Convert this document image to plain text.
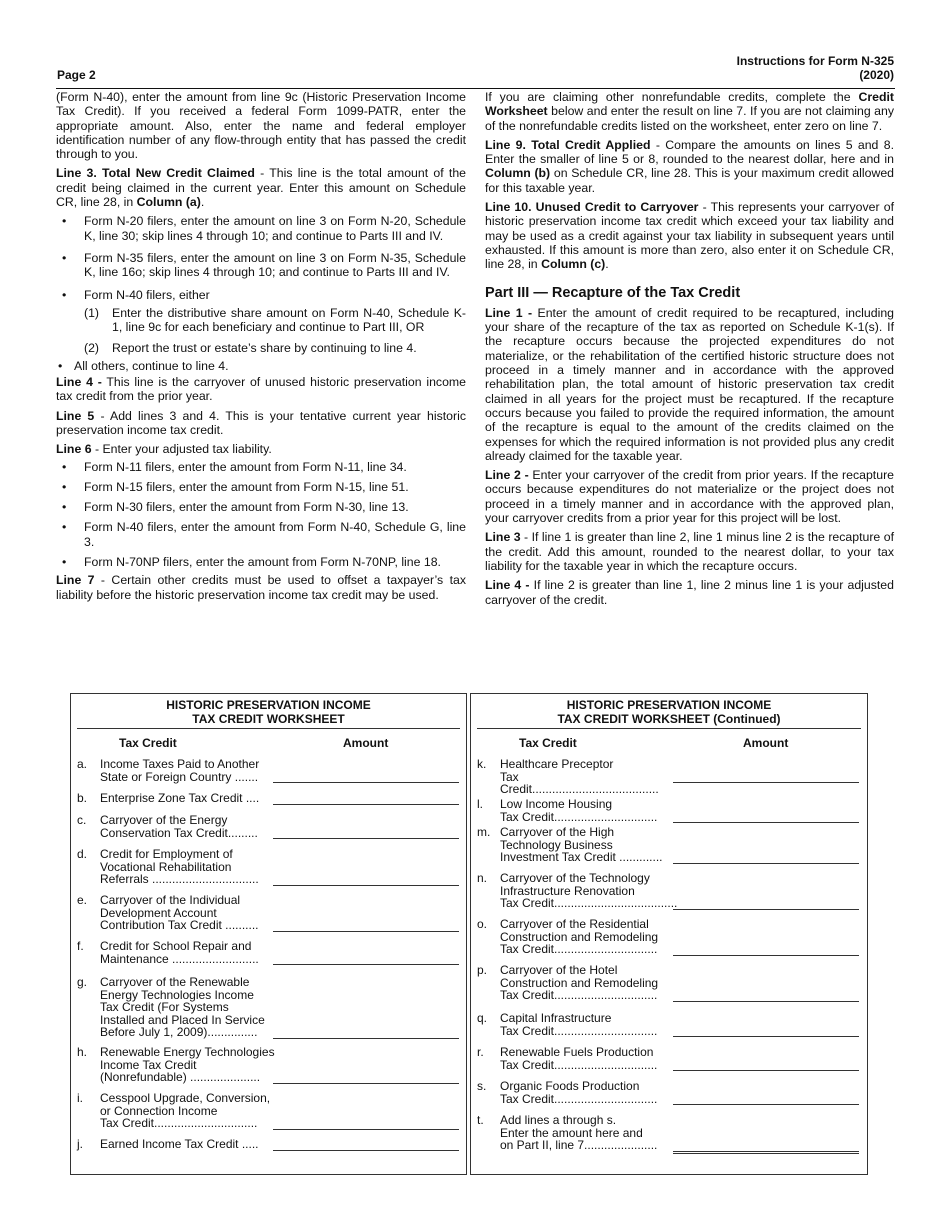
Page 2
Instructions for Form N-325
(2020)

(Form N-40), enter the amount from line 9c (Historic Preservation Income Tax Credit). If you received a federal Form 1099-PATR, enter the appropriate amount. Also, enter the name and federal employer identification number of any flow-through entity that has passed the credit through to you.

Line 3. Total New Credit Claimed - This line is the total amount of the credit being claimed in the current year. Enter this amount on Schedule CR, line 28, in Column (a).

• Form N-20 filers, enter the amount on line 3 on Form N-20, Schedule K, line 30; skip lines 4 through 10; and continue to Parts III and IV.
• Form N-35 filers, enter the amount on line 3 on Form N-35, Schedule K, line 16o; skip lines 4 through 10; and continue to Parts III and IV.
• Form N-40 filers, either
(1) Enter the distributive share amount on Form N-40, Schedule K-1, line 9c for each beneficiary and continue to Part III, OR
(2) Report the trust or estate’s share by continuing to line 4.
• All others, continue to line 4.

Line 4 - This line is the carryover of unused historic preservation income tax credit from the prior year.

Line 5 - Add lines 3 and 4. This is your tentative current year historic preservation income tax credit.

Line 6 - Enter your adjusted tax liability.

• Form N-11 filers, enter the amount from Form N-11, line 34.
• Form N-15 filers, enter the amount from Form N-15, line 51.
• Form N-30 filers, enter the amount from Form N-30, line 13.
• Form N-40 filers, enter the amount from Form N-40, Schedule G, line 3.
• Form N-70NP filers, enter the amount from Form N-70NP, line 18.

Line 7 - Certain other credits must be used to offset a taxpayer’s tax liability before the historic preservation income tax credit may be used.

If you are claiming other nonrefundable credits, complete the Credit Worksheet below and enter the result on line 7. If you are not claiming any of the nonrefundable credits listed on the worksheet, enter zero on line 7.

Line 9. Total Credit Applied - Compare the amounts on lines 5 and 8. Enter the smaller of line 5 or 8, rounded to the nearest dollar, here and in Column (b) on Schedule CR, line 28. This is your maximum credit allowed for this taxable year.

Line 10. Unused Credit to Carryover - This represents your carryover of historic preservation income tax credit which exceed your tax liability and may be used as a credit against your tax liability in subsequent years until exhausted. If this amount is more than zero, also enter it on Schedule CR, line 28, in Column (c).

Part III — Recapture of the Tax Credit

Line 1 - Enter the amount of credit required to be recaptured, including your share of the recapture of the tax as reported on Schedule K-1(s). If the recapture occurs because the projected expenditures do not materialize, or the rehabilitation of the certified historic structure does not proceed in a timely manner and in accordance with the approved rehabilitation plan, the total amount of historic preservation tax credit claimed in all years for the project must be recaptured. If the recapture occurs because you failed to provide the required information, the amount of the recapture is equal to the amount of the credits claimed on the expenses for which the required information is not provided plus any credit already claimed for the taxable year.

Line 2 - Enter your carryover of the credit from prior years. If the recapture occurs because expenditures do not materialize or the project does not proceed in a timely manner and in accordance with the approved plan, your carryover credits from a prior year for this project will be lost.

Line 3 - If line 1 is greater than line 2, line 1 minus line 2 is the recapture of the credit. Add this amount, rounded to the nearest dollar, to your tax liability for the taxable year in which the recapture occurs.

Line 4 - If line 2 is greater than line 1, line 2 minus line 1 is your adjusted carryover of the credit.

HISTORIC PRESERVATION INCOME
TAX CREDIT WORKSHEET
Tax Credit	Amount
a. Income Taxes Paid to Another
State or Foreign Country .......
b. Enterprise Zone Tax Credit ....
c. Carryover of the Energy
Conservation Tax Credit.........
d. Credit for Employment of
Vocational Rehabilitation
Referrals ................................
e. Carryover of the Individual
Development Account
Contribution Tax Credit ..........
f. Credit for School Repair and
Maintenance ..........................
g. Carryover of the Renewable
Energy Technologies Income
Tax Credit (For Systems
Installed and Placed In Service
Before July 1, 2009)...............
h. Renewable Energy Technologies
Income Tax Credit
(Nonrefundable) .....................
i. Cesspool Upgrade, Conversion,
or Connection Income
Tax Credit...............................
j. Earned Income Tax Credit .....
HISTORIC PRESERVATION INCOME
TAX CREDIT WORKSHEET (Continued)
Tax Credit	Amount
k. Healthcare Preceptor
Tax Credit......................................
l. Low Income Housing
Tax Credit...............................
m. Carryover of the High
Technology Business
Investment Tax Credit .............
n. Carryover of the Technology
Infrastructure Renovation
Tax Credit.....................................
o. Carryover of the Residential
Construction and Remodeling
Tax Credit...............................
p. Carryover of the Hotel
Construction and Remodeling
Tax Credit...............................
q. Capital Infrastructure
Tax Credit...............................
r. Renewable Fuels Production
Tax Credit...............................
s. Organic Foods Production
Tax Credit...............................
t. Add lines a through s.
Enter the amount here and
on Part II, line 7......................
